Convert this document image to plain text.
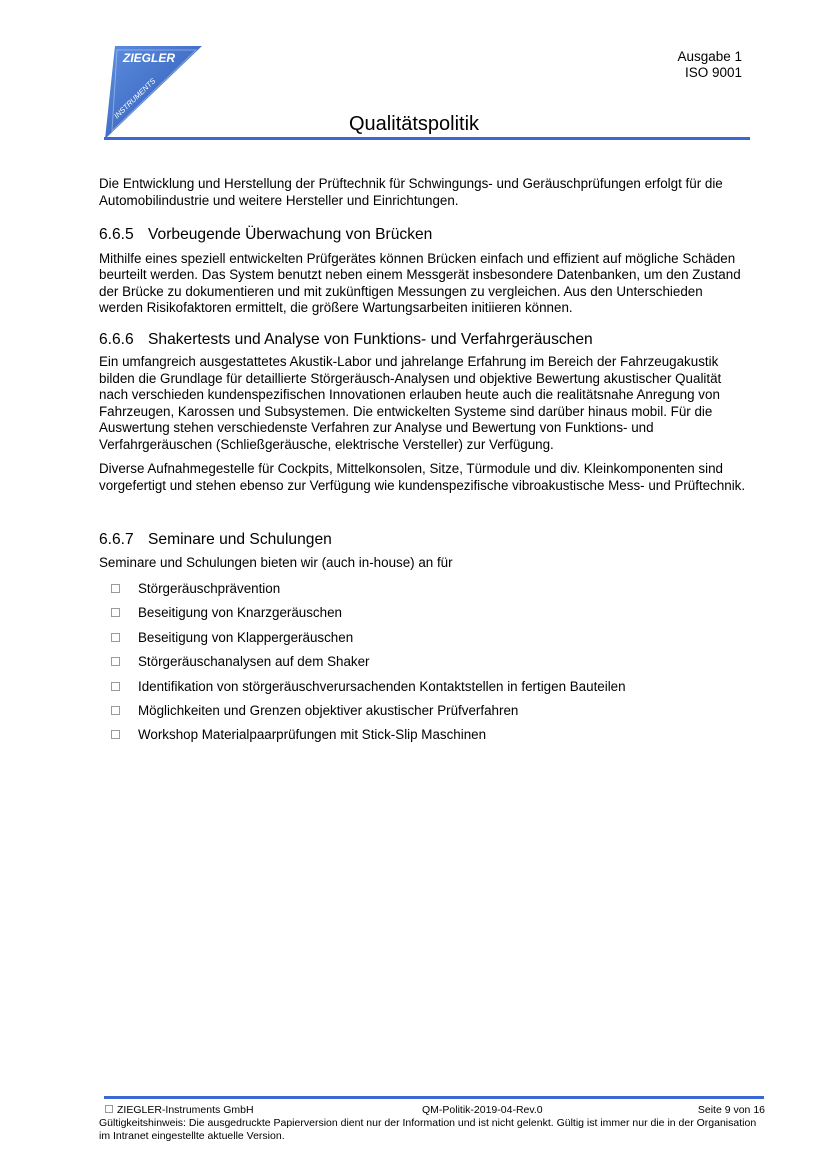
ZIEGLER
INSTRUMENTS
Ausgabe 1
ISO 9001
Qualitätspolitik

Die Entwicklung und Herstellung der Prüftechnik für Schwingungs- und Geräuschprüfungen erfolgt für die Automobilindustrie und weitere Hersteller und Einrichtungen.

6.6.5 Vorbeugende Überwachung von Brücken

Mithilfe eines speziell entwickelten Prüfgerätes können Brücken einfach und effizient auf mögliche Schäden beurteilt werden. Das System benutzt neben einem Messgerät insbesondere Datenbanken, um den Zustand der Brücke zu dokumentieren und mit zukünftigen Messungen zu vergleichen. Aus den Unterschieden werden Risikofaktoren ermittelt, die größere Wartungsarbeiten initiieren können.

6.6.6 Shakertests und Analyse von Funktions- und Verfahrgeräuschen

Ein umfangreich ausgestattetes Akustik-Labor und jahrelange Erfahrung im Bereich der Fahrzeugakustik bilden die Grundlage für detaillierte Störgeräusch-Analysen und objektive Bewertung akustischer Qualität nach verschieden kundenspezifischen Innovationen erlauben heute auch die realitätsnahe Anregung von Fahrzeugen, Karossen und Subsystemen. Die entwickelten Systeme sind darüber hinaus mobil. Für die Auswertung stehen verschiedenste Verfahren zur Analyse und Bewertung von Funktions- und Verfahrgeräuschen (Schließgeräusche, elektrische Versteller) zur Verfügung.

Diverse Aufnahmegestelle für Cockpits, Mittelkonsolen, Sitze, Türmodule und div. Kleinkomponenten sind vorgefertigt und stehen ebenso zur Verfügung wie kundenspezifische vibroakustische Mess- und Prüftechnik.

6.6.7 Seminare und Schulungen

Seminare und Schulungen bieten wir (auch in-house) an für

Störgeräuschprävention
Beseitigung von Knarzgeräuschen
Beseitigung von Klappergeräuschen
Störgeräuschanalysen auf dem Shaker
Identifikation von störgeräuschverursachenden Kontaktstellen in fertigen Bauteilen
Möglichkeiten und Grenzen objektiver akustischer Prüfverfahren
Workshop Materialpaarprüfungen mit Stick-Slip Maschinen
ZIEGLER-Instruments GmbH	QM-Politik-2019-04-Rev.0	Seite 9 von 16
Gültigkeitshinweis: Die ausgedruckte Papierversion dient nur der Information und ist nicht gelenkt. Gültig ist immer nur die in der Organisation im Intranet eingestellte aktuelle Version.
